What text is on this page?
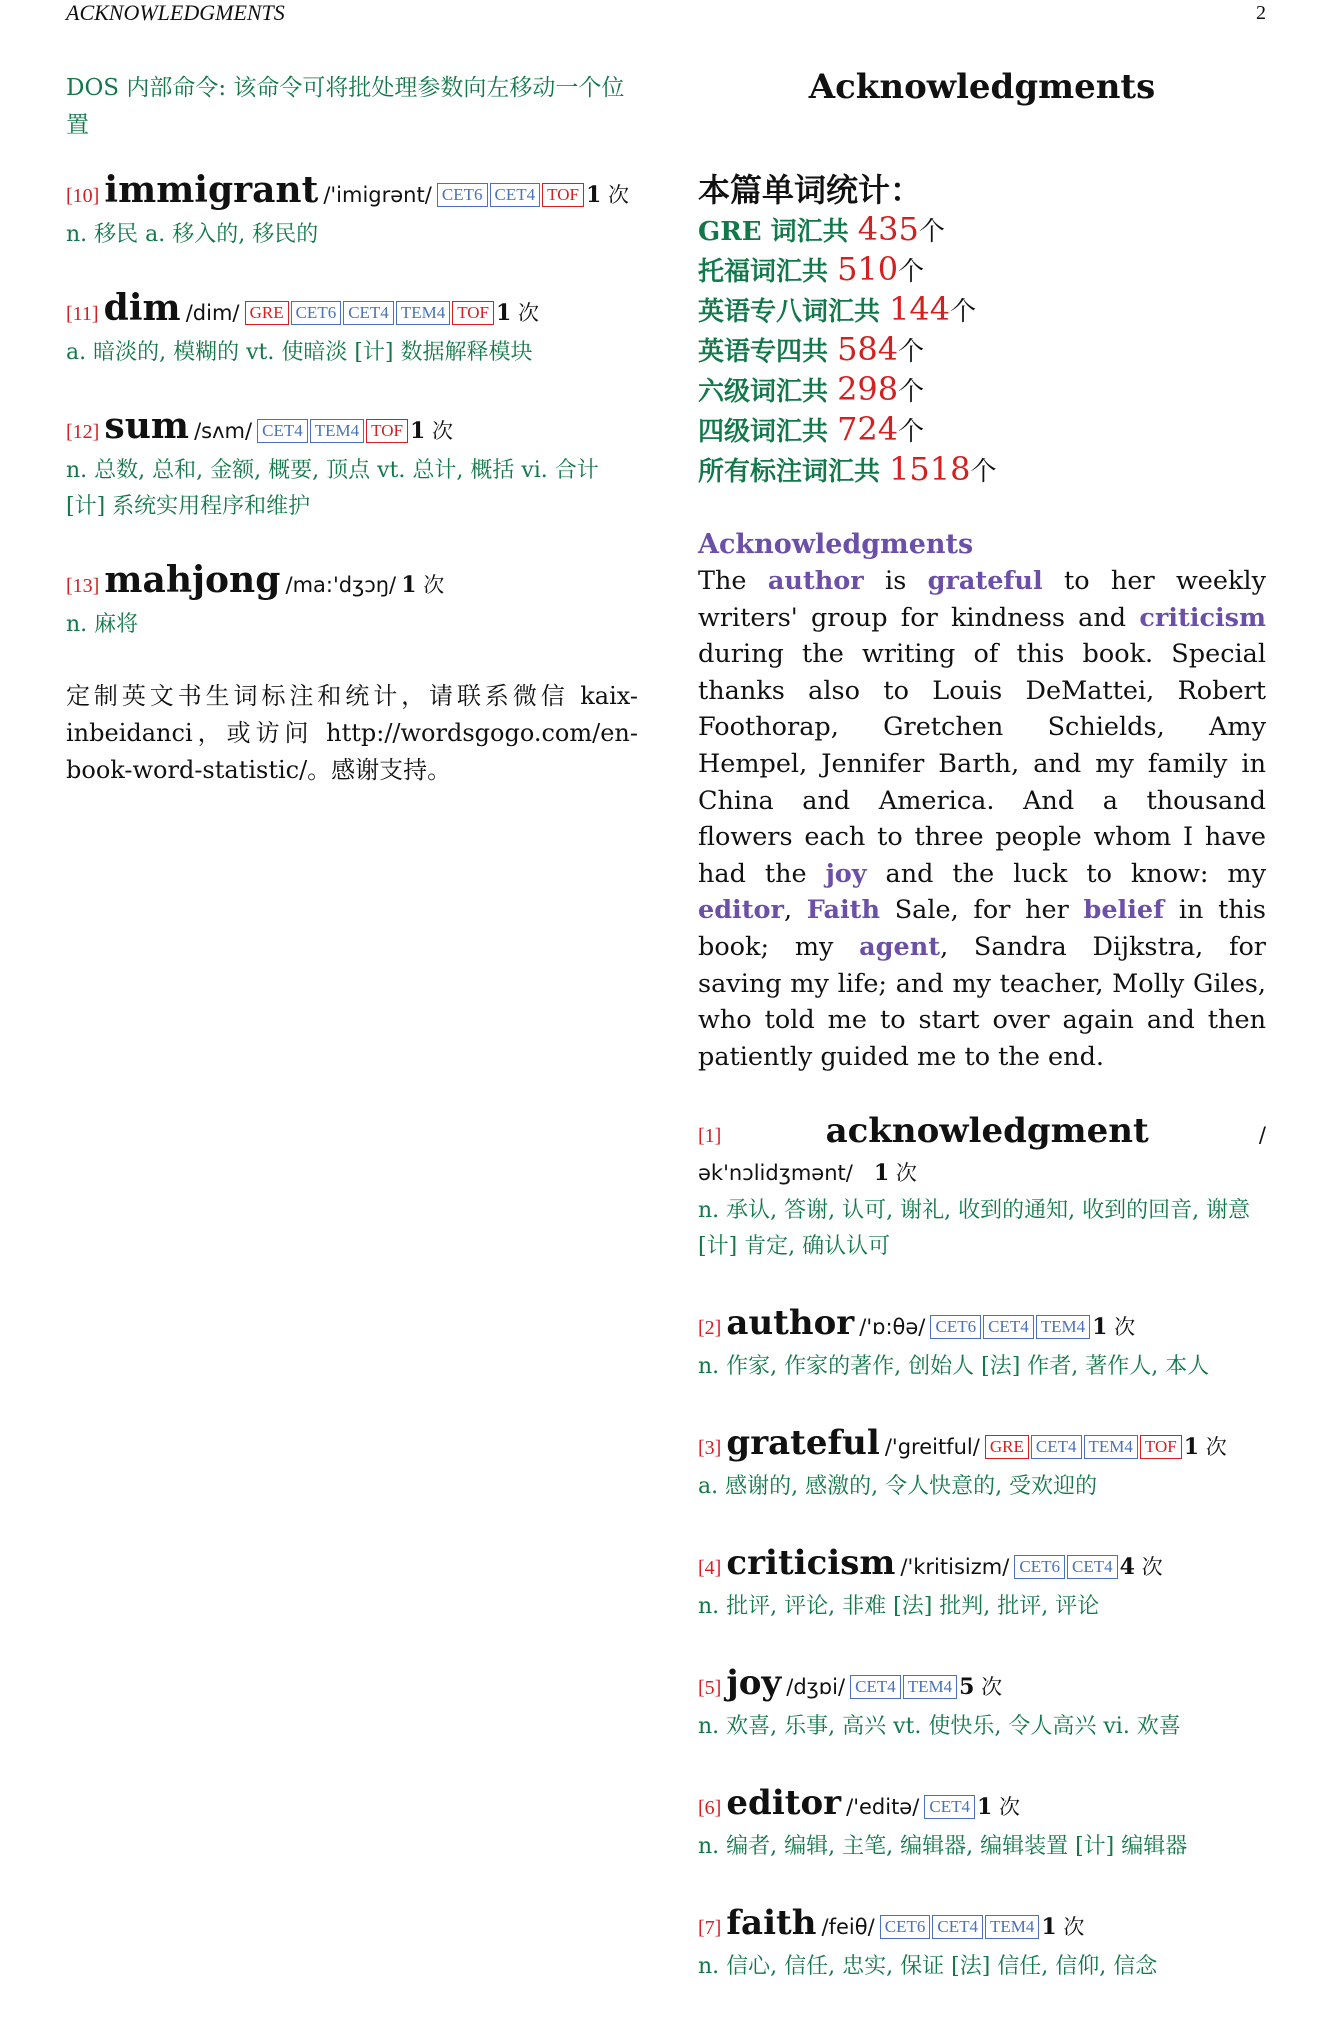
ACKNOWLEDGMENTS	2

DOS 内部命令: 该命令可将批处理参数向左移动一个位置

[10] immigrant /'imigrənt/ CET6 CET4 TOF 1 次
n. 移民 a. 移入的, 移民的
[11] dim /dim/ GRE CET6 CET4 TEM4 TOF 1 次
a. 暗淡的, 模糊的 vt. 使暗淡 [计] 数据解释模块
[12] sum /sʌm/ CET4 TEM4 TOF 1 次
n. 总数, 总和, 金额, 概要, 顶点 vt. 总计, 概括 vi. 合计 [计] 系统实用程序和维护
[13] mahjong /ma:'dʒɔŋ/ 1 次
n. 麻将
定制英文书生词标注和统计，请联系微信 kaix-inbeidanci，或访问 http://wordsgogo.com/en-book-word-statistic/。感谢支持。
Acknowledgments
本篇单词统计：
GRE 词汇共 435个
托福词汇共 510个
英语专八词汇共 144个
英语专四共 584个
六级词汇共 298个
四级词汇共 724个
所有标注词汇共 1518个
Acknowledgments

The author is grateful to her weekly writers' group for kindness and criticism during the writing of this book. Special thanks also to Louis DeMattei, Robert Foothorap, Gretchen Schields, Amy Hempel, Jennifer Barth, and my family in China and America. And a thousand flowers each to three people whom I have had the joy and the luck to know: my editor, Faith Sale, for her belief in this book; my agent, Sandra Dijkstra, for saving my life; and my teacher, Molly Giles, who told me to start over again and then patiently guided me to the end.

[1]	acknowledgment	/ək'nɔlidʒmənt/ 1 次
n. 承认, 答谢, 认可, 谢礼, 收到的通知, 收到的回音, 谢意 [计] 肯定, 确认认可
[2] author /'ɒ:θə/ CET6 CET4 TEM4 1 次
n. 作家, 作家的著作, 创始人 [法] 作者, 著作人, 本人
[3] grateful /'greitful/ GRE CET4 TEM4 TOF 1 次
a. 感谢的, 感激的, 令人快意的, 受欢迎的
[4] criticism /'kritisizm/ CET6 CET4 4 次
n. 批评, 评论, 非难 [法] 批判, 批评, 评论
[5] joy /dʒɒi/ CET4 TEM4 5 次
n. 欢喜, 乐事, 高兴 vt. 使快乐, 令人高兴 vi. 欢喜
[6] editor /'editə/ CET4 1 次
n. 编者, 编辑, 主笔, 编辑器, 编辑装置 [计] 编辑器
[7] faith /feiθ/ CET6 CET4 TEM4 1 次
n. 信心, 信任, 忠实, 保证 [法] 信任, 信仰, 信念
